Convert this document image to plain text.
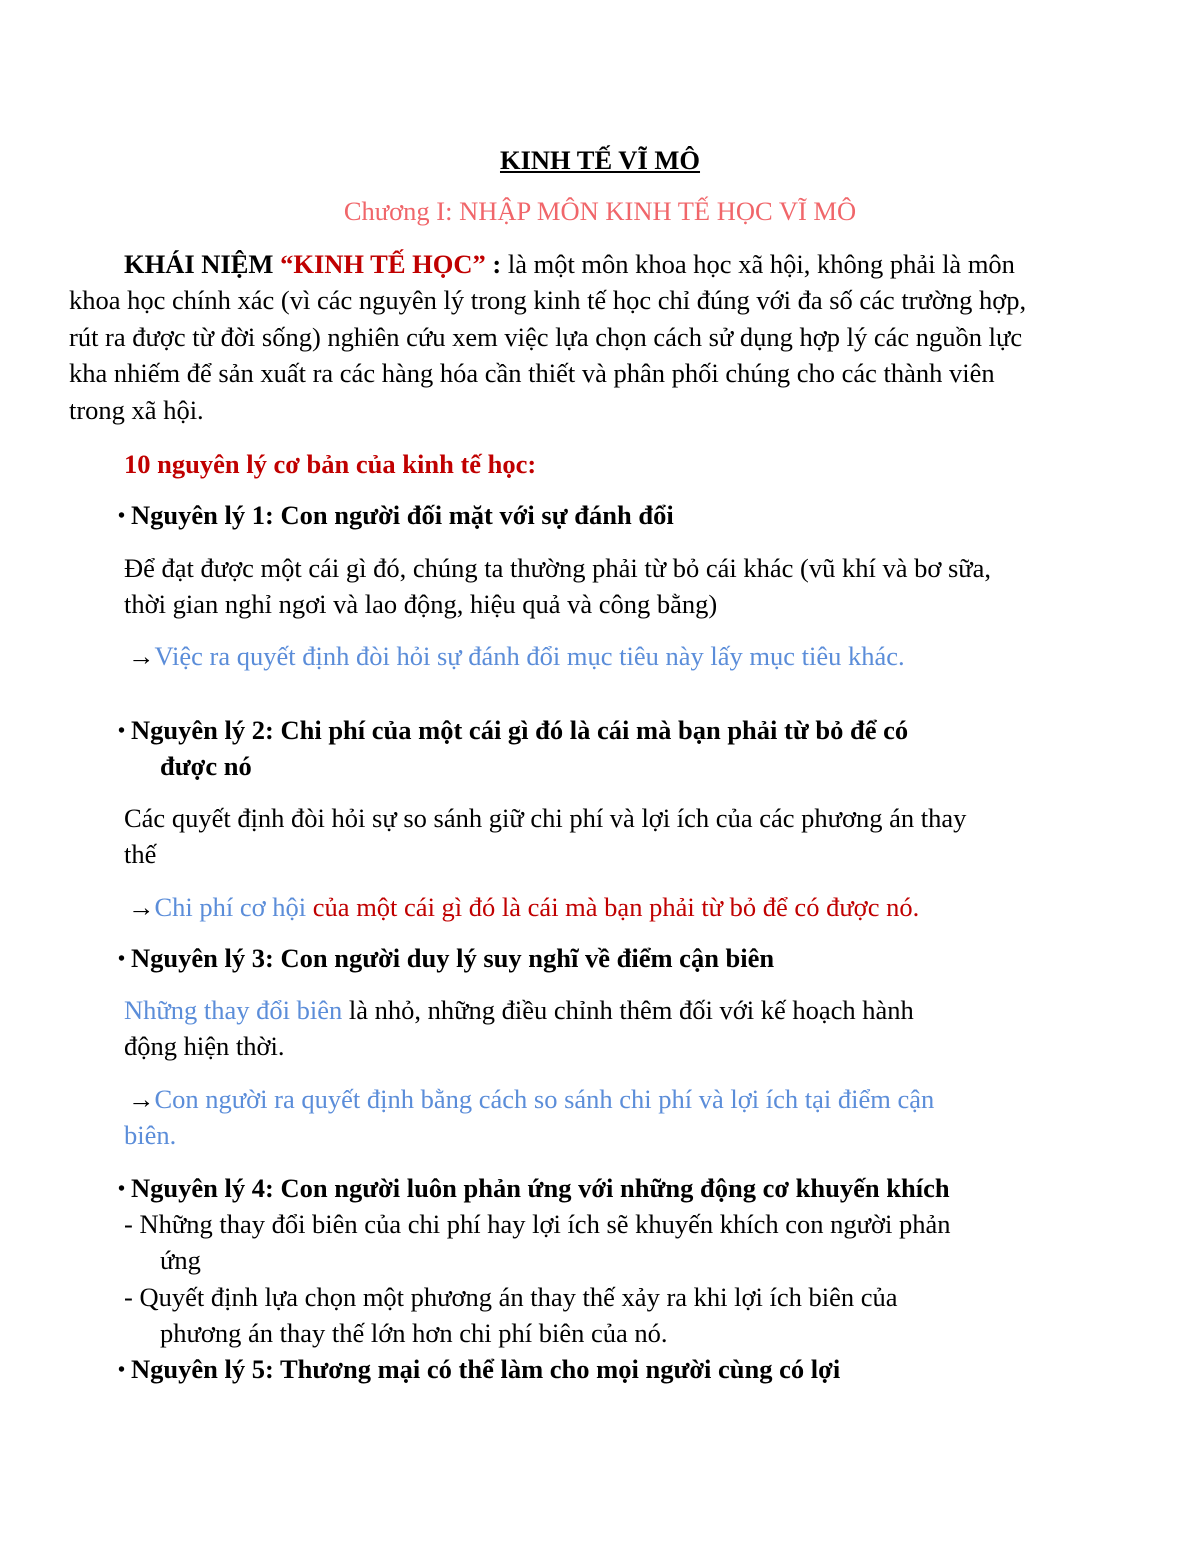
KINH TẾ VĨ MÔ
Chương I: NHẬP MÔN KINH TẾ HỌC VĨ MÔ
KHÁI NIỆM “KINH TẾ HỌC” : là một môn khoa học xã hội, không phải là môn
khoa học chính xác (vì các nguyên lý trong kinh tế học chỉ đúng với đa số các trường hợp,
rút ra được từ đời sống) nghiên cứu xem việc lựa chọn cách sử dụng hợp lý các nguồn lực
kha nhiếm để sản xuất ra các hàng hóa cần thiết và phân phối chúng cho các thành viên
trong xã hội.
10 nguyên lý cơ bản của kinh tế học:
• Nguyên lý 1: Con người đối mặt với sự đánh đổi
Để đạt được một cái gì đó, chúng ta thường phải từ bỏ cái khác (vũ khí và bơ sữa,
thời gian nghỉ ngơi và lao động, hiệu quả và công bằng)
→Việc ra quyết định đòi hỏi sự đánh đổi mục tiêu này lấy mục tiêu khác.
• Nguyên lý 2: Chi phí của một cái gì đó là cái mà bạn phải từ bỏ để có
được nó
Các quyết định đòi hỏi sự so sánh giữ chi phí và lợi ích của các phương án thay
thế
→Chi phí cơ hội của một cái gì đó là cái mà bạn phải từ bỏ để có được nó.
• Nguyên lý 3: Con người duy lý suy nghĩ về điểm cận biên
Những thay đổi biên là nhỏ, những điều chỉnh thêm đối với kế hoạch hành
động hiện thời.
→Con người ra quyết định bằng cách so sánh chi phí và lợi ích tại điểm cận
biên.
• Nguyên lý 4: Con người luôn phản ứng với những động cơ khuyến khích
- Những thay đổi biên của chi phí hay lợi ích sẽ khuyến khích con người phản
ứng
- Quyết định lựa chọn một phương án thay thế xảy ra khi lợi ích biên của
phương án thay thế lớn hơn chi phí biên của nó.
• Nguyên lý 5: Thương mại có thể làm cho mọi người cùng có lợi
